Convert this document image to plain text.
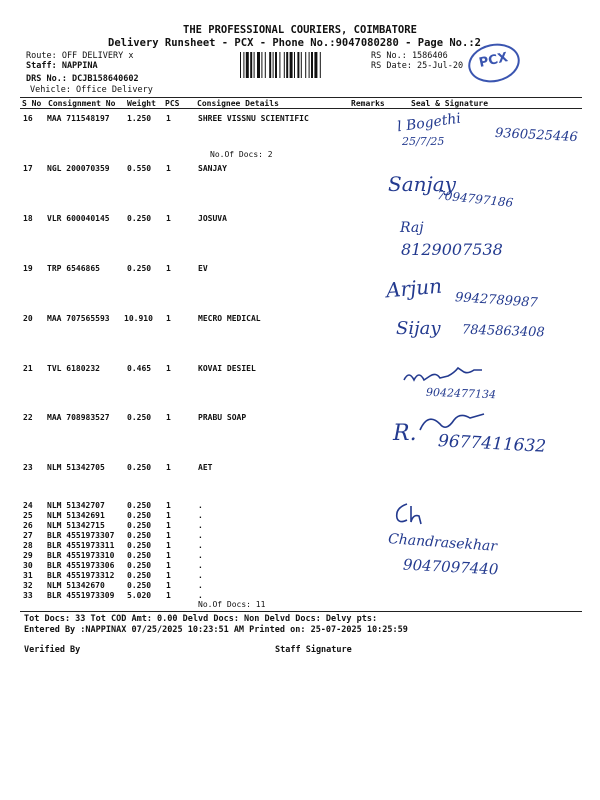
THE PROFESSIONAL COURIERS, COIMBATORE
Delivery Runsheet - PCX - Phone No.:9047080280 - Page No.:2
Route: OFF DELIVERY x
Staff: NAPPINA
DRS No.: DCJB158640602
Vehicle: Office Delivery
RS No.: 1586406
RS Date: 25-Jul-20	PCX
S No Consignment No Weight PCS Consignee Details	Remarks	Seal & Signature
16 MAA 711548197 1.250 1	SHREE VISSNU SCIENTIFIC
No.Of Docs: 2
17 NGL 200070359 0.550 1	SANJAY
18 VLR 600040145 0.250 1	JOSUVA
19 TRP 6546865	0.250 1	EV
20 MAA 707565593 10.910 1	MECRO MEDICAL
21 TVL 6180232	0.465 1	KOVAI DESIEL
22 MAA 708983527 0.250 1	PRABU SOAP
23 NLM 51342705	0.250 1	AET
24 NLM 51342707	0.250 1	.
25 NLM 51342691	0.250 1	.
26 NLM 51342715	0.250 1	.
27 BLR 4551973307 0.250 1	.
28 BLR 4551973311 0.250 1	.
29 BLR 4551973310 0.250 1	.
30 BLR 4551973306 0.250 1	.
31 BLR 4551973312 0.250 1	.
32 NLM 51342670	0.250 1	.
33 BLR 4551973309 5.020 1	.
No.Of Docs: 11
l Bogethi
25/7/25	9360525446
Sanjay
7094797186
Raj
8129007538
Arjun 9942789987
Sijay 7845863408
9042477134
R. 9677411632
Chandrasekhar
9047097440
Tot Docs: 33 Tot COD Amt: 0.00 Delvd Docs: Non Delvd Docs: Delvy pts:
Entered By :NAPPINAX 07/25/2025 10:23:51 AM Printed on: 25-07-2025 10:25:59
Verified By	Staff Signature
